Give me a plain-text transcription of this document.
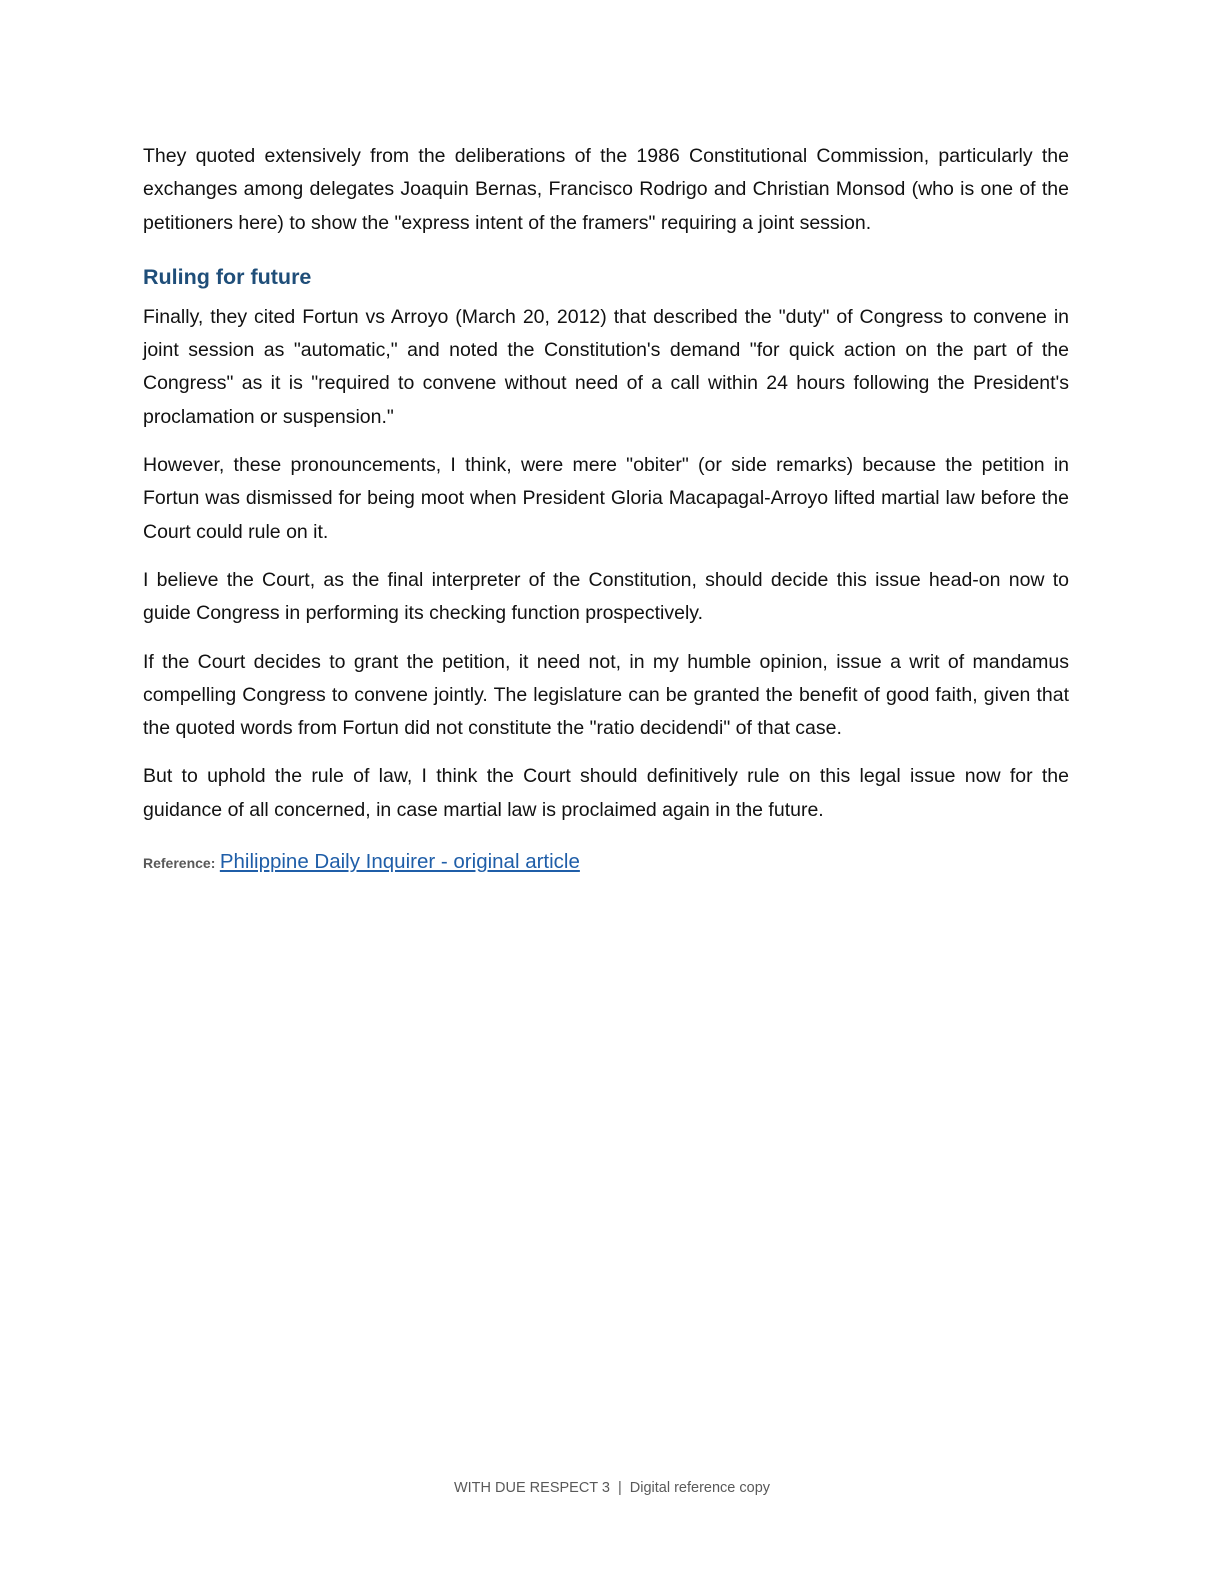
They quoted extensively from the deliberations of the 1986 Constitutional Commission, particularly the exchanges among delegates Joaquin Bernas, Francisco Rodrigo and Christian Monsod (who is one of the petitioners here) to show the "express intent of the framers" requiring a joint session.

Ruling for future

Finally, they cited Fortun vs Arroyo (March 20, 2012) that described the "duty" of Congress to convene in joint session as "automatic," and noted the Constitution's demand "for quick action on the part of the Congress" as it is "required to convene without need of a call within 24 hours following the President's proclamation or suspension."

However, these pronouncements, I think, were mere "obiter" (or side remarks) because the petition in Fortun was dismissed for being moot when President Gloria Macapagal-Arroyo lifted martial law before the Court could rule on it.

I believe the Court, as the final interpreter of the Constitution, should decide this issue head-on now to guide Congress in performing its checking function prospectively.

If the Court decides to grant the petition, it need not, in my humble opinion, issue a writ of mandamus compelling Congress to convene jointly. The legislature can be granted the benefit of good faith, given that the quoted words from Fortun did not constitute the "ratio decidendi" of that case.

But to uphold the rule of law, I think the Court should definitively rule on this legal issue now for the guidance of all concerned, in case martial law is proclaimed again in the future.

Reference: Philippine Daily Inquirer - original article
WITH DUE RESPECT 3 | Digital reference copy
